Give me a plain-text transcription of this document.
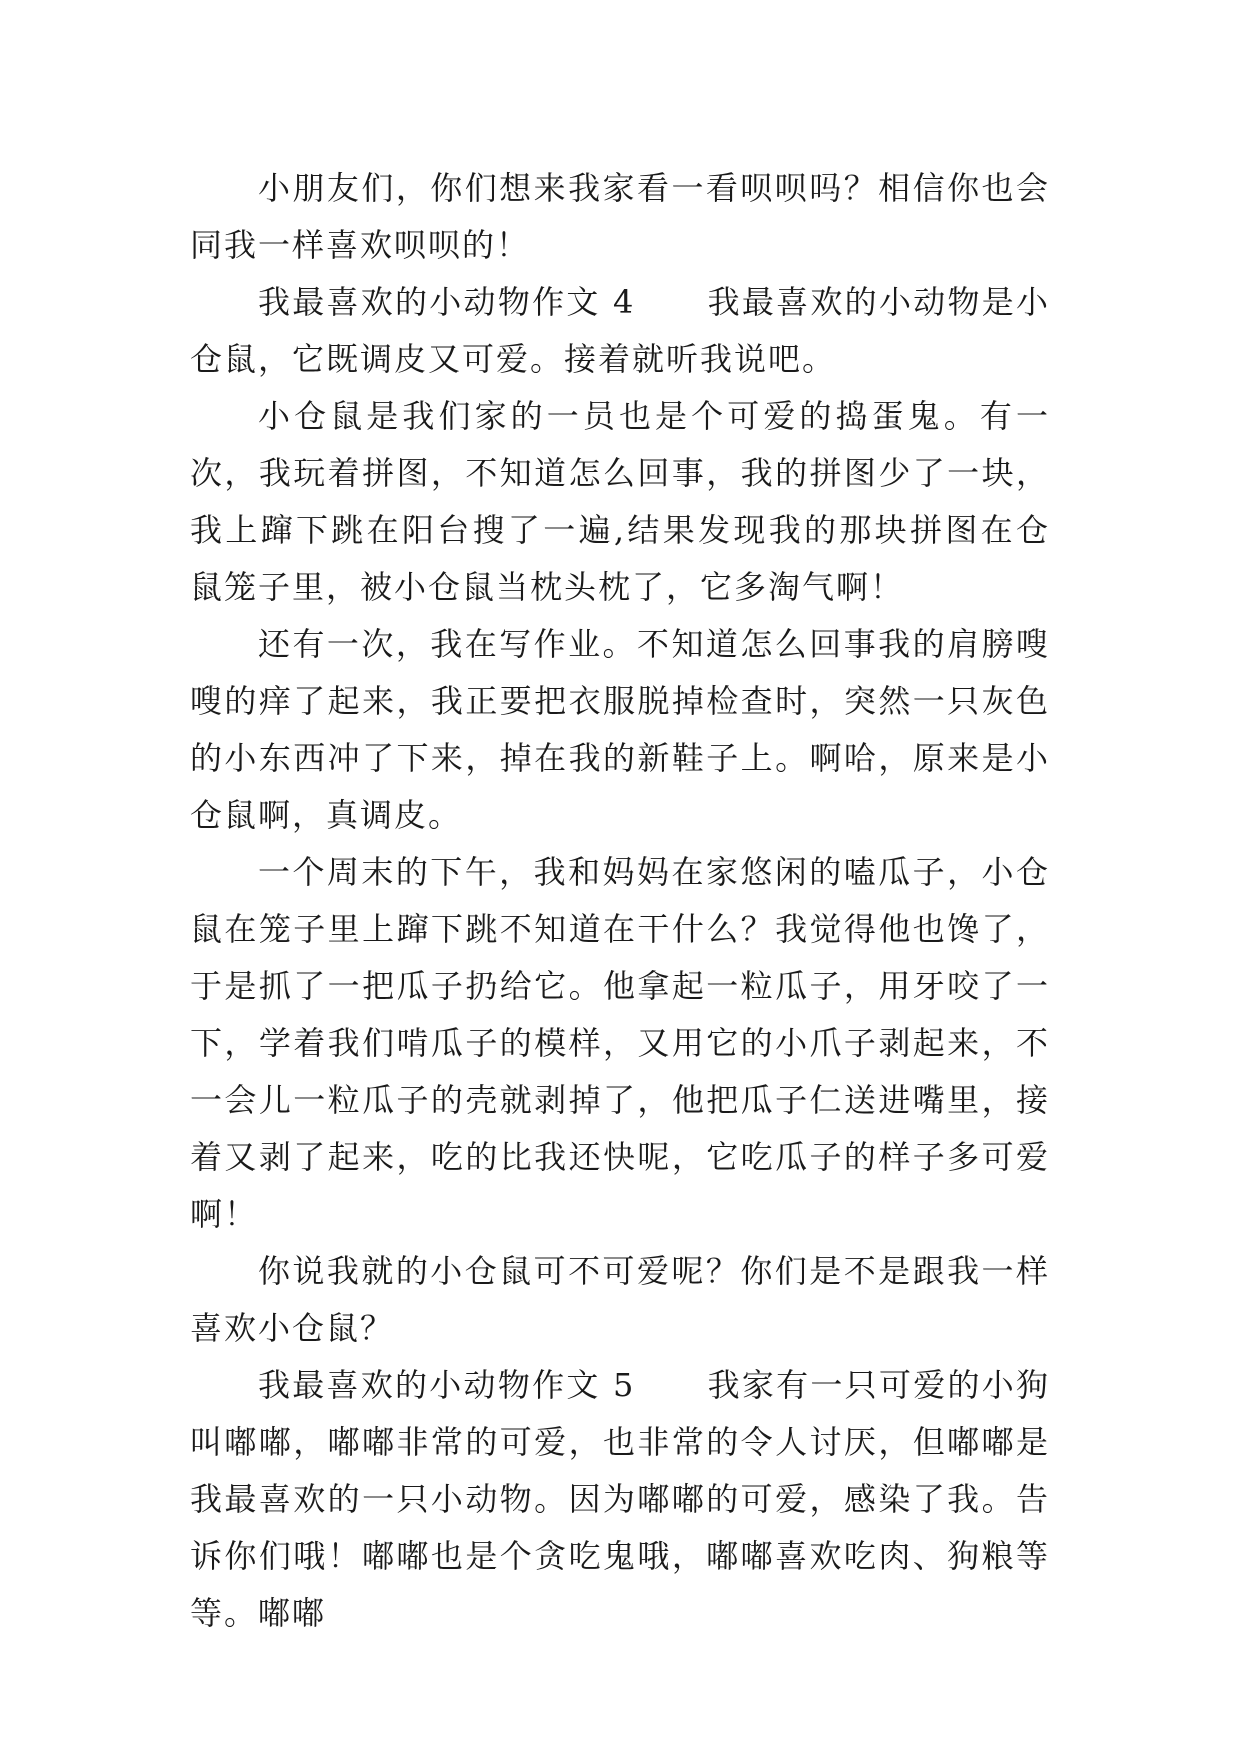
小朋友们，你们想来我家看一看呗呗吗？相信你也会同我一样喜欢呗呗的！

我最喜欢的小动物作文 4 我最喜欢的小动物是小仓鼠，它既调皮又可爱。接着就听我说吧。

小仓鼠是我们家的一员也是个可爱的捣蛋鬼。有一次，我玩着拼图，不知道怎么回事，我的拼图少了一块，我上蹿下跳在阳台搜了一遍,结果发现我的那块拼图在仓鼠笼子里，被小仓鼠当枕头枕了，它多淘气啊！

还有一次，我在写作业。不知道怎么回事我的肩膀嗖嗖的痒了起来，我正要把衣服脱掉检查时，突然一只灰色的小东西冲了下来，掉在我的新鞋子上。啊哈，原来是小仓鼠啊，真调皮。

一个周末的下午，我和妈妈在家悠闲的嗑瓜子，小仓鼠在笼子里上蹿下跳不知道在干什么？我觉得他也馋了，于是抓了一把瓜子扔给它。他拿起一粒瓜子，用牙咬了一下，学着我们啃瓜子的模样，又用它的小爪子剥起来，不一会儿一粒瓜子的壳就剥掉了，他把瓜子仁送进嘴里，接着又剥了起来，吃的比我还快呢，它吃瓜子的样子多可爱啊！

你说我就的小仓鼠可不可爱呢？你们是不是跟我一样喜欢小仓鼠？

我最喜欢的小动物作文 5 我家有一只可爱的小狗叫嘟嘟，嘟嘟非常的可爱，也非常的令人讨厌，但嘟嘟是我最喜欢的一只小动物。因为嘟嘟的可爱，感染了我。告诉你们哦！嘟嘟也是个贪吃鬼哦，嘟嘟喜欢吃肉、狗粮等等。嘟嘟
